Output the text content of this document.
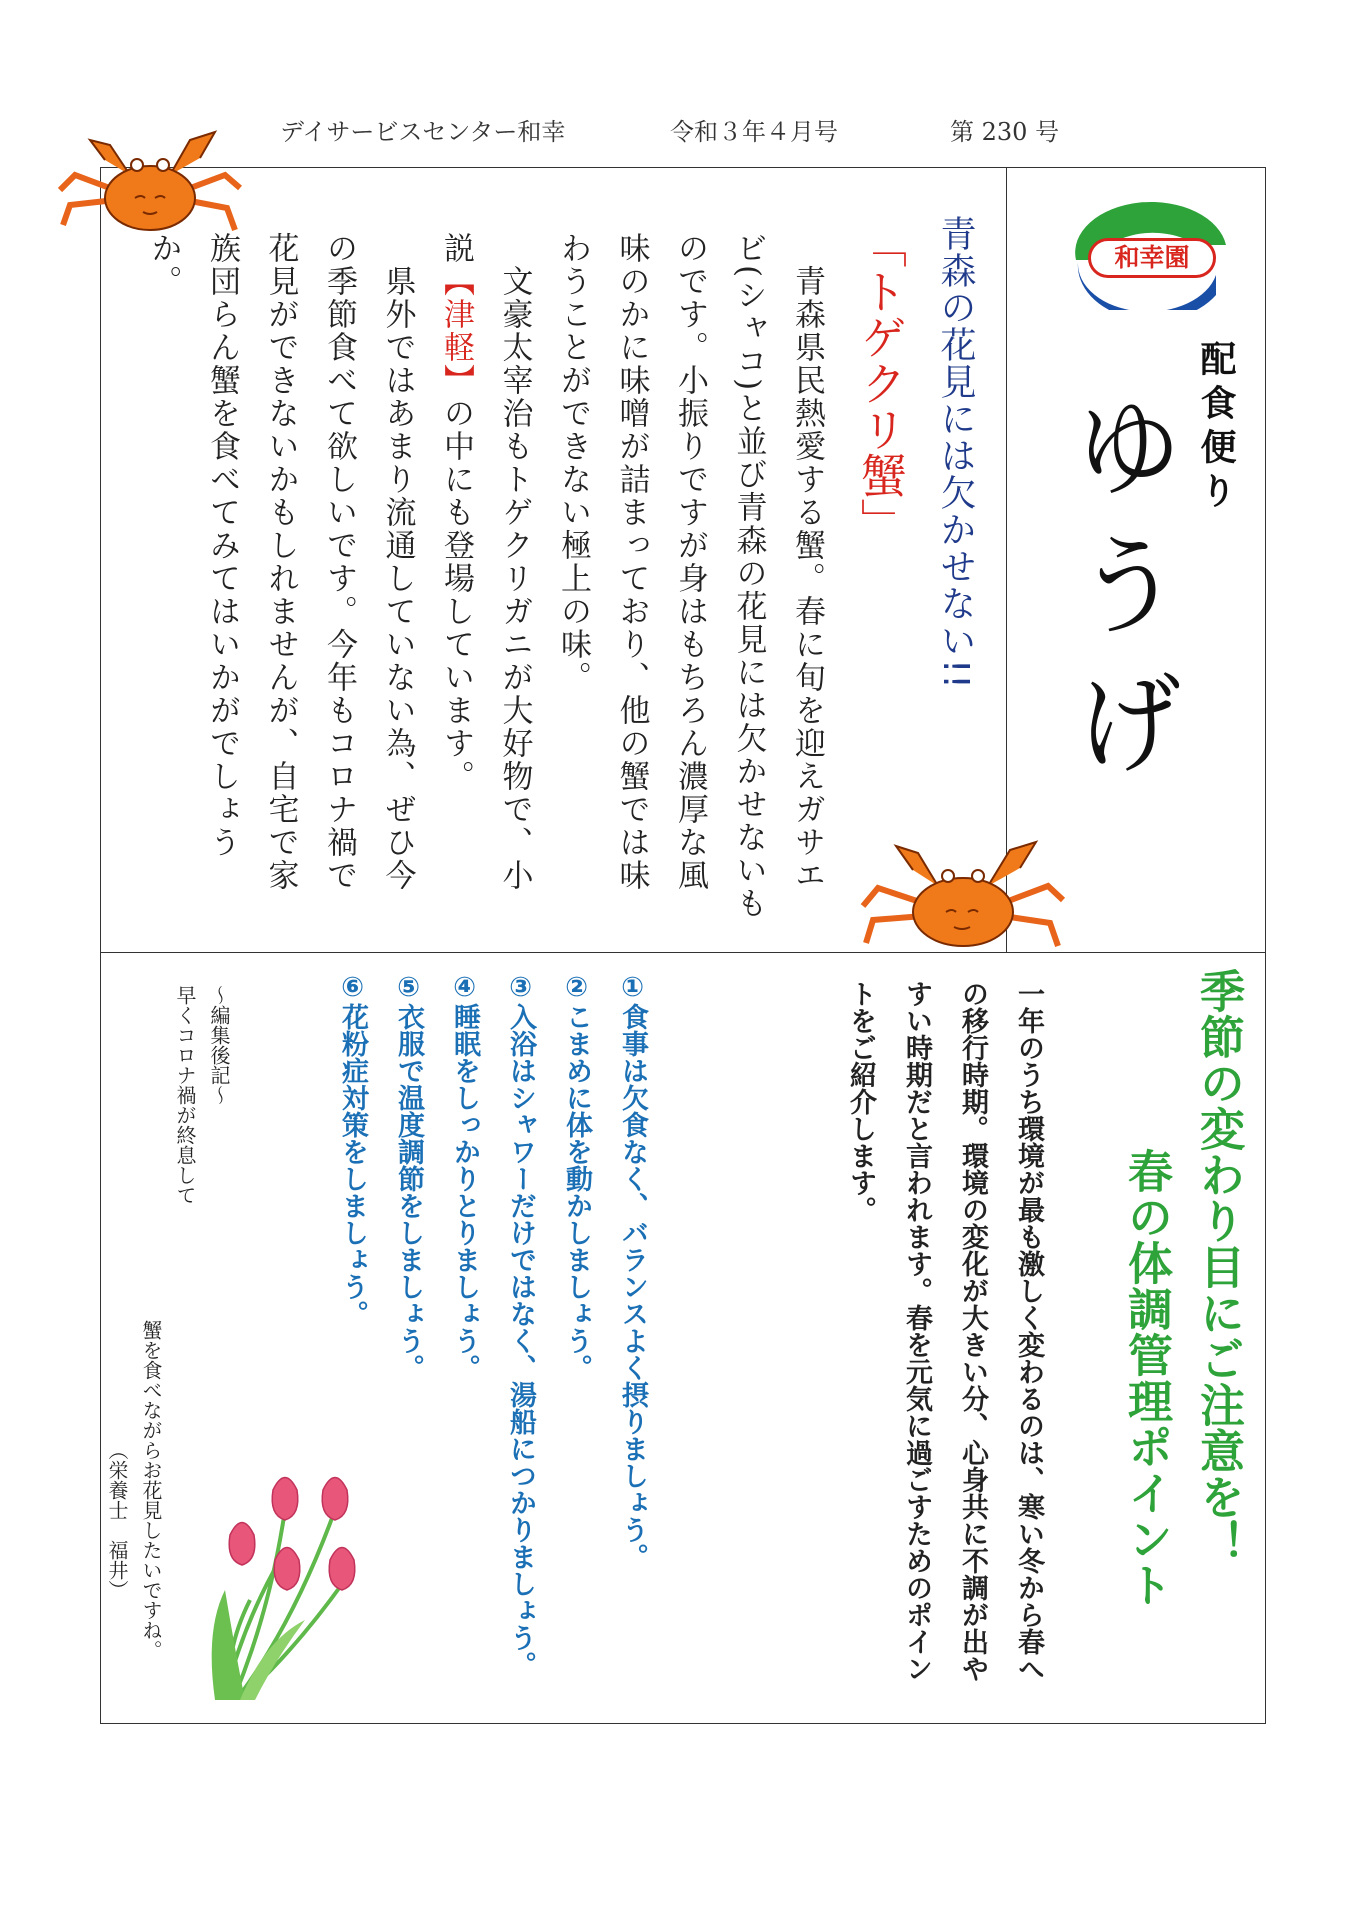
デイサービスセンター和幸	令和３年４月号	第 230 号
和幸園
配食便り
ゆうげ
青森の花見には欠かせない!!
「トゲクリ蟹」

　青森県民熱愛する蟹。春に旬を迎えガサエビ(シャコ)と並び青森の花見には欠かせないものです。小振りですが身はもちろん濃厚な風味のかに味噌が詰まっており、他の蟹では味わうことができない極上の味。

　文豪太宰治もトゲクリガニが大好物で、小説【津軽】の中にも登場しています。

　県外ではあまり流通していない為、ぜひ今の季節食べて欲しいです。今年もコロナ禍で花見ができないかもしれませんが、自宅で家族団らん蟹を食べてみてはいかがでしょうか。

季節の変わり目にご注意を！
春の体調管理ポイント

一年のうち環境が最も激しく変わるのは、寒い冬から春への移行時期。環境の変化が大きい分、心身共に不調が出やすい時期だと言われます。春を元気に過ごすためのポイントをご紹介します。

①食事は欠食なく、バランスよく摂りましょう。

②こまめに体を動かしましょう。

③入浴はシャワーだけではなく、湯船につかりましょう。

④睡眠をしっかりとりましょう。

⑤衣服で温度調節をしましょう。

⑥花粉症対策をしましょう。

～編集後記～

早くコロナ禍が終息して

蟹を食べながらお花見したいですね。

（栄養士　福井）
